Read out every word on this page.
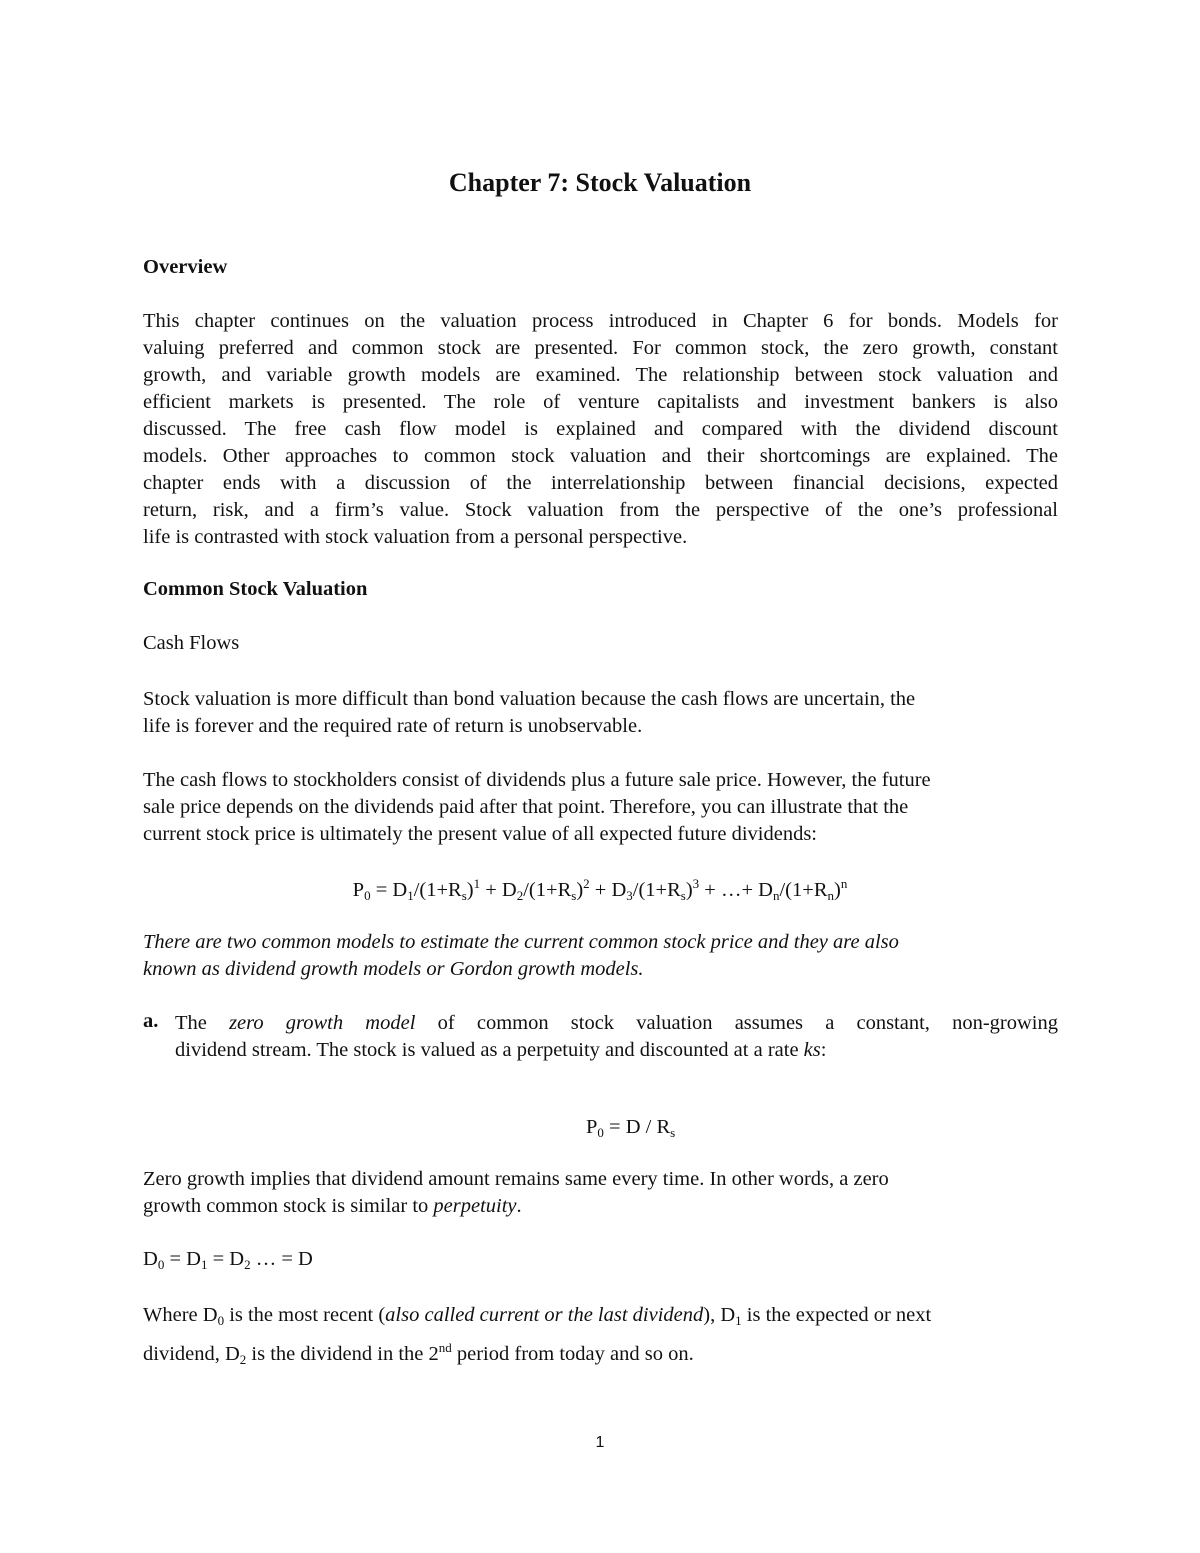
Chapter 7: Stock Valuation
Overview
This chapter continues on the valuation process introduced in Chapter 6 for bonds. Models for
valuing preferred and common stock are presented. For common stock, the zero growth, constant
growth, and variable growth models are examined. The relationship between stock valuation and
efficient markets is presented. The role of venture capitalists and investment bankers is also
discussed. The free cash flow model is explained and compared with the dividend discount
models. Other approaches to common stock valuation and their shortcomings are explained. The
chapter ends with a discussion of the interrelationship between financial decisions, expected
return, risk, and a firm’s value. Stock valuation from the perspective of the one’s professional
life is contrasted with stock valuation from a personal perspective.
Common Stock Valuation
Cash Flows
Stock valuation is more difficult than bond valuation because the cash flows are uncertain, the
life is forever and the required rate of return is unobservable.
The cash flows to stockholders consist of dividends plus a future sale price. However, the future
sale price depends on the dividends paid after that point. Therefore, you can illustrate that the
current stock price is ultimately the present value of all expected future dividends:
$P_0 = D_1/(1+R_s)^1 + D_2/(1+R_s)^2 + D_3/(1+R_s)^3$ + …+ $D_n/(1+R_n)^n$
There are two common models to estimate the current common stock price and they are also
known as dividend growth models or Gordon growth models.
a. The zero growth model of common stock valuation assumes a constant, non-growing
dividend stream. The stock is valued as a perpetuity and discounted at a rate ks:
$P_0 = D / R_s$
Zero growth implies that dividend amount remains same every time. In other words, a zero
growth common stock is similar to perpetuity.
$D_0 = D_1 = D_2$ … = D
Where $D_0$ is the most recent (also called current or the last dividend), $D_1$ is the expected or next
dividend, $D_2$ is the dividend in the 2nd period from today and so on.
1
